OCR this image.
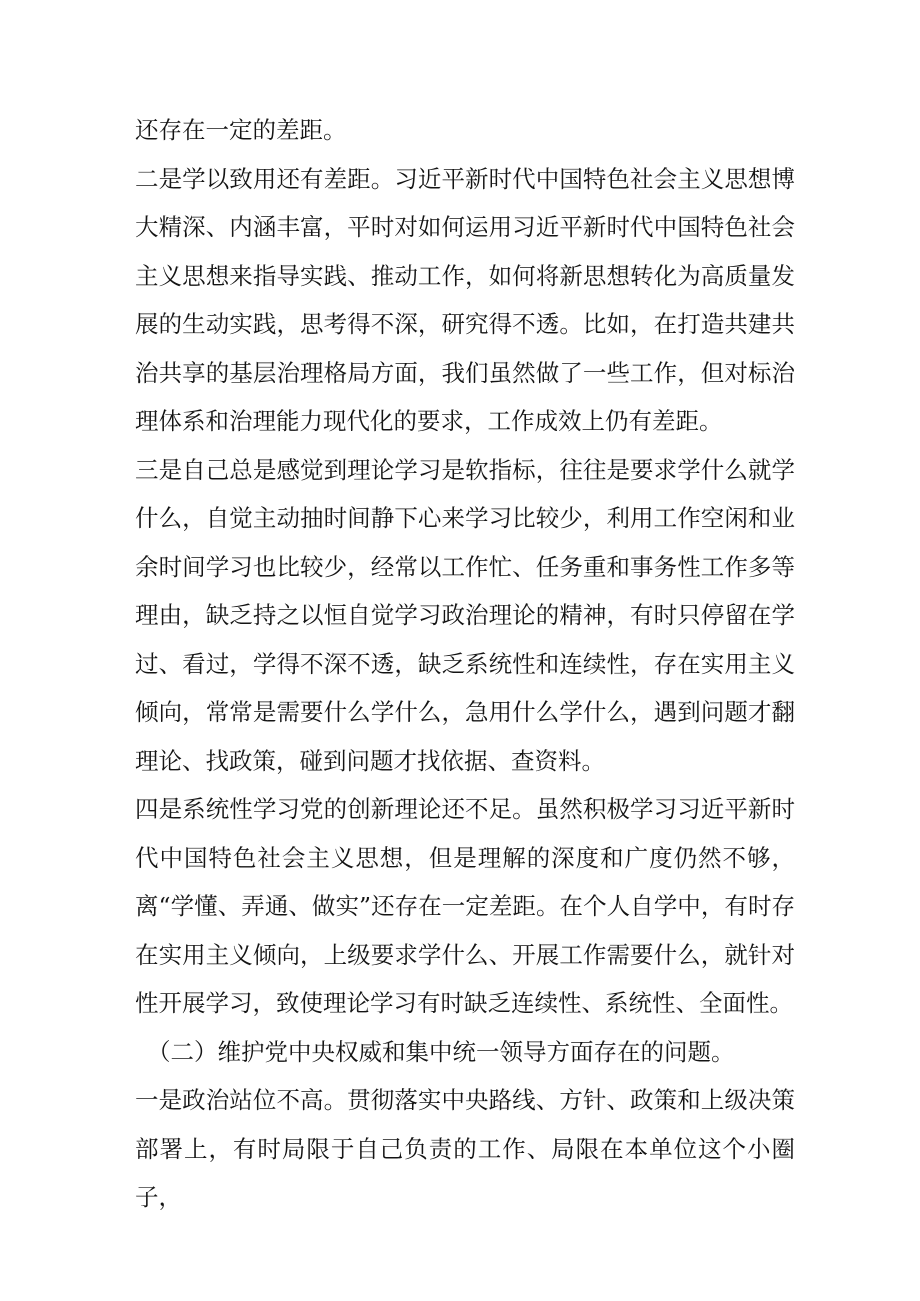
还存在一定的差距。

二是学以致用还有差距。习近平新时代中国特色社会主义思想博大精深、内涵丰富，平时对如何运用习近平新时代中国特色社会主义思想来指导实践、推动工作，如何将新思想转化为高质量发展的生动实践，思考得不深，研究得不透。比如，在打造共建共治共享的基层治理格局方面，我们虽然做了一些工作，但对标治理体系和治理能力现代化的要求，工作成效上仍有差距。

三是自己总是感觉到理论学习是软指标，往往是要求学什么就学什么，自觉主动抽时间静下心来学习比较少，利用工作空闲和业余时间学习也比较少，经常以工作忙、任务重和事务性工作多等理由，缺乏持之以恒自觉学习政治理论的精神，有时只停留在学过、看过，学得不深不透，缺乏系统性和连续性，存在实用主义倾向，常常是需要什么学什么，急用什么学什么，遇到问题才翻理论、找政策，碰到问题才找依据、查资料。

四是系统性学习党的创新理论还不足。虽然积极学习习近平新时代中国特色社会主义思想，但是理解的深度和广度仍然不够，离“学懂、弄通、做实”还存在一定差距。在个人自学中，有时存在实用主义倾向，上级要求学什么、开展工作需要什么，就针对性开展学习，致使理论学习有时缺乏连续性、系统性、全面性。

（二）维护党中央权威和集中统一领导方面存在的问题。

一是政治站位不高。贯彻落实中央路线、方针、政策和上级决策部署上，有时局限于自己负责的工作、局限在本单位这个小圈子，
